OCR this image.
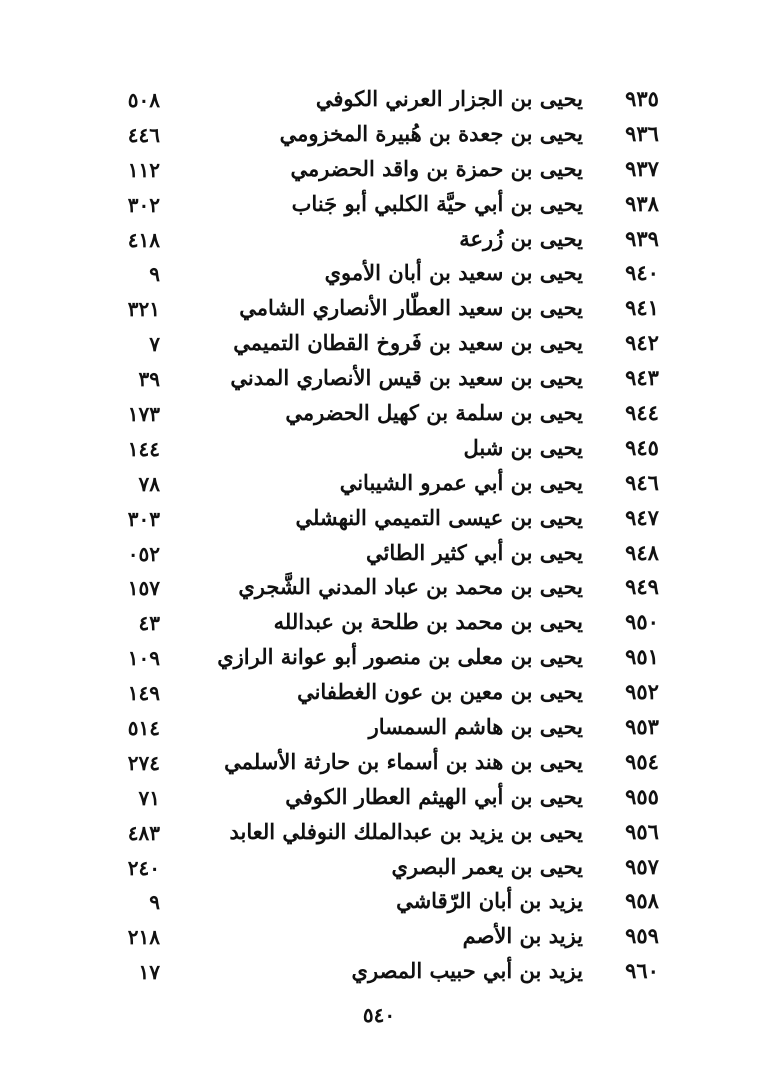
٩٣٥
يحيى بن الجزار العرني الكوفي
٥٠٨
٩٣٦
يحيى بن جعدة بن هُبيرة المخزومي
٤٤٦
٩٣٧
يحيى بن حمزة بن واقد الحضرمي
١١٢
٩٣٨
يحيى بن أبي حيَّة الكلبي أبو جَناب
٣٠٢
٩٣٩
يحيى بن زُرعة
٤١٨
٩٤٠
يحيى بن سعيد بن أبان الأموي
٩
٩٤١
يحيى بن سعيد العطّار الأنصاري الشامي
٣٢١
٩٤٢
يحيى بن سعيد بن فَروخ القطان التميمي
٧
٩٤٣
يحيى بن سعيد بن قيس الأنصاري المدني
٣٩
٩٤٤
يحيى بن سلمة بن كهيل الحضرمي
١٧٣
٩٤٥
يحيى بن شبل
١٤٤
٩٤٦
يحيى بن أبي عمرو الشيباني
٧٨
٩٤٧
يحيى بن عيسى التميمي النهشلي
٣٠٣
٩٤٨
يحيى بن أبي كثير الطائي
٠٥٢
٩٤٩
يحيى بن محمد بن عباد المدني الشَّجري
١٥٧
٩٥٠
يحيى بن محمد بن طلحة بن عبدالله
٤٣
٩٥١
يحيى بن معلى بن منصور أبو عوانة الرازي
١٠٩
٩٥٢
يحيى بن معين بن عون الغطفاني
١٤٩
٩٥٣
يحيى بن هاشم السمسار
٥١٤
٩٥٤
يحيى بن هند بن أسماء بن حارثة الأسلمي
٢٧٤
٩٥٥
يحيى بن أبي الهيثم العطار الكوفي
٧١
٩٥٦
يحيى بن يزيد بن عبدالملك النوفلي العابد
٤٨٣
٩٥٧
يحيى بن يعمر البصري
٢٤٠
٩٥٨
يزيد بن أبان الرّقاشي
٩
٩٥٩
يزيد بن الأصم
٢١٨
٩٦٠
يزيد بن أبي حبيب المصري
١٧
٥٤٠
